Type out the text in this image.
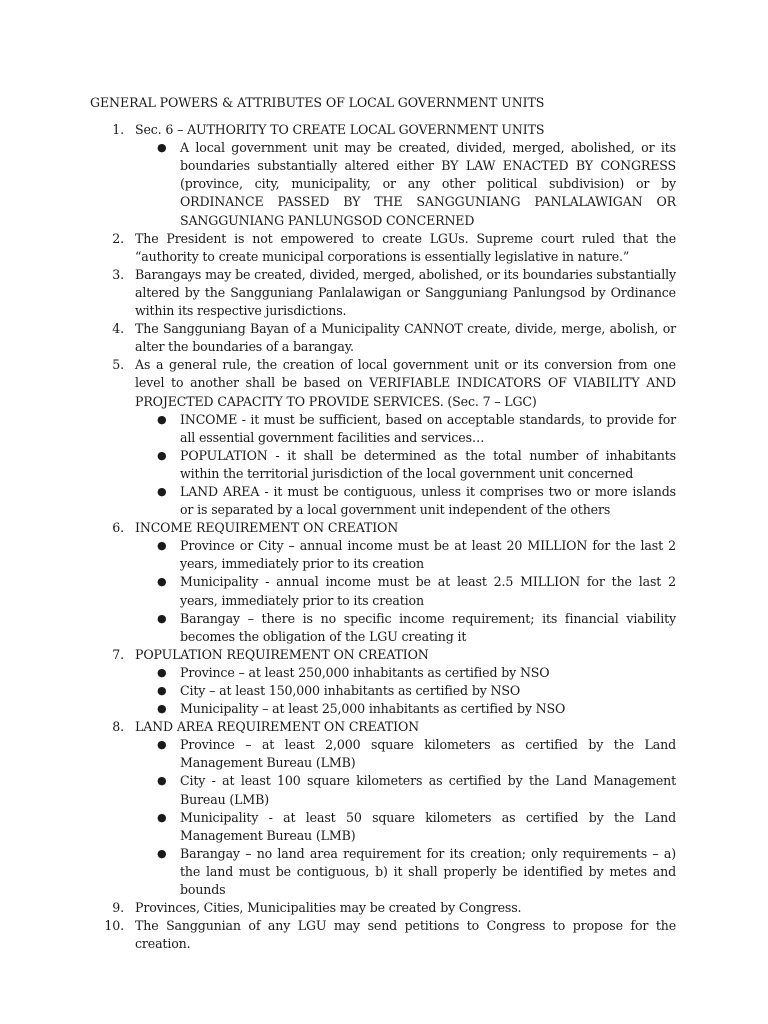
GENERAL POWERS & ATTRIBUTES OF LOCAL GOVERNMENT UNITS
1. Sec. 6 – AUTHORITY TO CREATE LOCAL GOVERNMENT UNITS
● A local government unit may be created, divided, merged, abolished, or its boundaries substantially altered either BY LAW ENACTED BY CONGRESS (province, city, municipality, or any other political subdivision) or by ORDINANCE PASSED BY THE SANGGUNIANG PANLALAWIGAN OR SANGGUNIANG PANLUNGSOD CONCERNED
2. The President is not empowered to create LGUs. Supreme court ruled that the “authority to create municipal corporations is essentially legislative in nature.”
3. Barangays may be created, divided, merged, abolished, or its boundaries substantially altered by the Sangguniang Panlalawigan or Sangguniang Panlungsod by Ordinance within its respective jurisdictions.
4. The Sangguniang Bayan of a Municipality CANNOT create, divide, merge, abolish, or alter the boundaries of a barangay.
5. As a general rule, the creation of local government unit or its conversion from one level to another shall be based on VERIFIABLE INDICATORS OF VIABILITY AND PROJECTED CAPACITY TO PROVIDE SERVICES. (Sec. 7 – LGC)
● INCOME - it must be sufficient, based on acceptable standards, to provide for all essential government facilities and services…
● POPULATION - it shall be determined as the total number of inhabitants within the territorial jurisdiction of the local government unit concerned
● LAND AREA - it must be contiguous, unless it comprises two or more islands or is separated by a local government unit independent of the others
6. INCOME REQUIREMENT ON CREATION
● Province or City – annual income must be at least 20 MILLION for the last 2 years, immediately prior to its creation
● Municipality - annual income must be at least 2.5 MILLION for the last 2 years, immediately prior to its creation
● Barangay – there is no specific income requirement; its financial viability becomes the obligation of the LGU creating it
7. POPULATION REQUIREMENT ON CREATION
● Province – at least 250,000 inhabitants as certified by NSO
● City – at least 150,000 inhabitants as certified by NSO
● Municipality – at least 25,000 inhabitants as certified by NSO
8. LAND AREA REQUIREMENT ON CREATION
● Province – at least 2,000 square kilometers as certified by the Land Management Bureau (LMB)
● City - at least 100 square kilometers as certified by the Land Management Bureau (LMB)
● Municipality - at least 50 square kilometers as certified by the Land Management Bureau (LMB)
● Barangay – no land area requirement for its creation; only requirements – a) the land must be contiguous, b) it shall properly be identified by metes and bounds
9. Provinces, Cities, Municipalities may be created by Congress.
10. The Sanggunian of any LGU may send petitions to Congress to propose for the creation.
